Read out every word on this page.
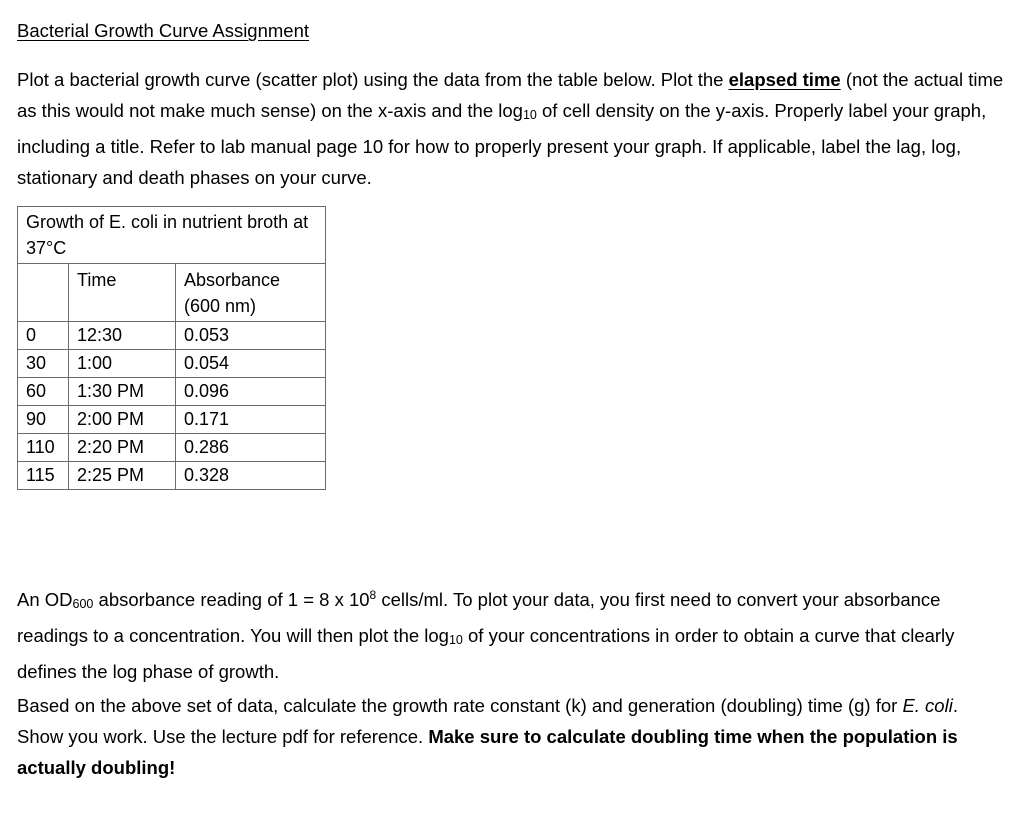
Bacterial Growth Curve Assignment

Plot a bacterial growth curve (scatter plot) using the data from the table below. Plot the elapsed time (not the actual time as this would not make much sense) on the x-axis and the log10 of cell density on the y-axis. Properly label your graph, including a title. Refer to lab manual page 10 for how to properly present your graph. If applicable, label the lag, log, stationary and death phases on your curve.

Growth of E. coli in nutrient broth at 37°C		
	Time	Absorbance (600 nm)
0	12:30	0.053
30	1:00	0.054
60	1:30 PM	0.096
90	2:00 PM	0.171
110	2:20 PM	0.286
115	2:25 PM	0.328

An OD600 absorbance reading of 1 = 8 x $10^8$ cells/ml. To plot your data, you first need to convert your absorbance readings to a concentration. You will then plot the log10 of your concentrations in order to obtain a curve that clearly defines the log phase of growth.

Based on the above set of data, calculate the growth rate constant (k) and generation (doubling) time (g) for E. coli. Show you work. Use the lecture pdf for reference. Make sure to calculate doubling time when the population is actually doubling!
